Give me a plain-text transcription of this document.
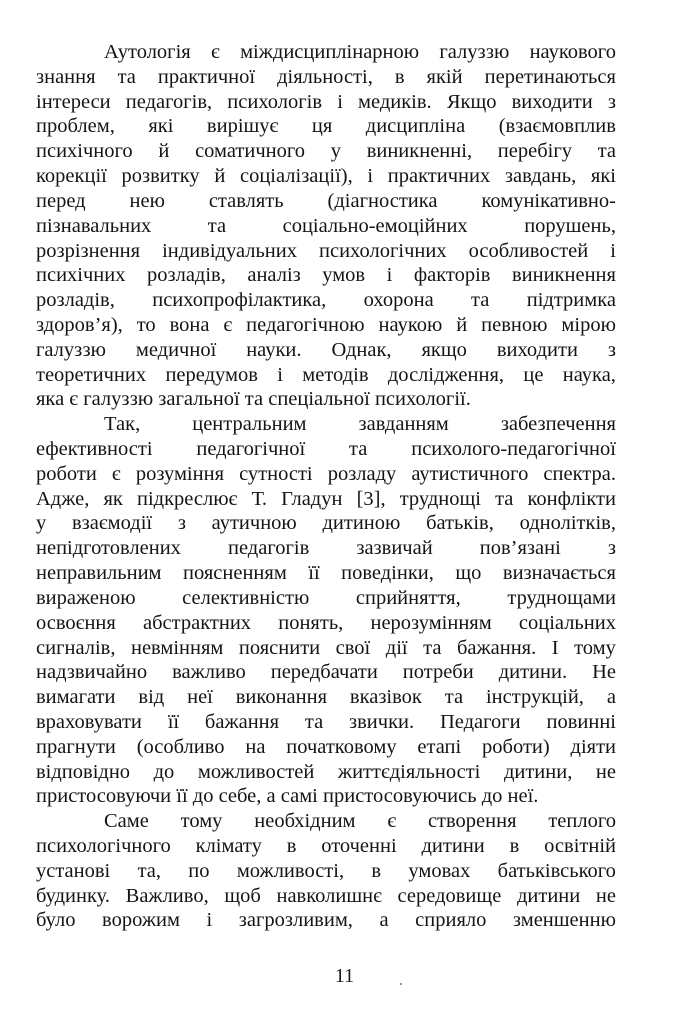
Аутологія є міждисциплінарною галуззю наукового
знання та практичної діяльності, в якій перетинаються
інтереси педагогів, психологів і медиків. Якщо виходити з
проблем, які вирішує ця дисципліна (взаємовплив
психічного й соматичного у виникненні, перебігу та
корекції розвитку й соціалізації), і практичних завдань, які
перед нею ставлять (діагностика комунікативно-
пізнавальних	та	соціально-емоційних	порушень,
розрізнення індивідуальних психологічних особливостей і
психічних розладів, аналіз умов і факторів виникнення
розладів, психопрофілактика, охорона та підтримка
здоров’я), то вона є педагогічною наукою й певною мірою
галуззю медичної науки. Однак, якщо виходити з
теоретичних передумов і методів дослідження, це наука,
яка є галуззю загальної та спеціальної психології.
Так,	центральним	завданням	забезпечення
ефективності педагогічної та психолого-педагогічної
роботи є розуміння сутності розладу аутистичного спектра.
Адже, як підкреслює Т. Гладун [3], труднощі та конфлікти
у взаємодії з аутичною дитиною батьків, однолітків,
непідготовлених педагогів зазвичай пов’язані з
неправильним поясненням її поведінки, що визначається
вираженою селективністю сприйняття, труднощами
освоєння абстрактних понять, нерозумінням соціальних
сигналів, невмінням пояснити свої дії та бажання. І тому
надзвичайно важливо передбачати потреби дитини. Не
вимагати від неї виконання вказівок та інструкцій, а
враховувати її бажання та звички. Педагоги повинні
прагнути (особливо на початковому етапі роботи) діяти
відповідно до можливостей життєдіяльності дитини, не
пристосовуючи її до себе, а самі пристосовуючись до неї.
Саме тому необхідним є створення теплого
психологічного клімату в оточенні дитини в освітній
установі та, по можливості, в умовах батьківського
будинку. Важливо, щоб навколишнє середовище дитини не
було ворожим і загрозливим, а сприяло зменшенню
11
